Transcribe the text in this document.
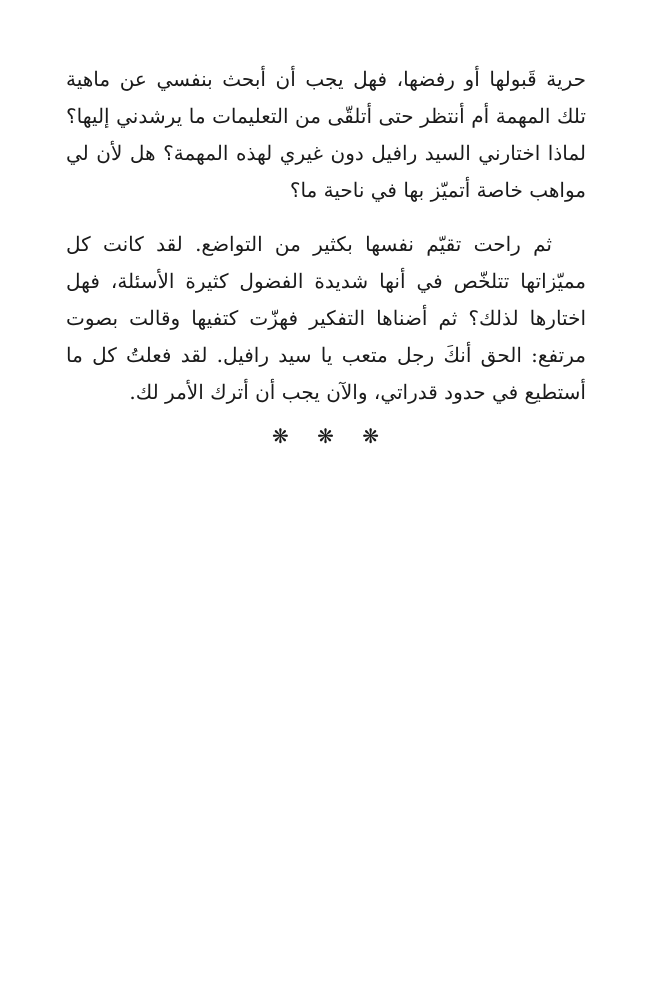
حرية قَبولها أو رفضها، فهل يجب أن أبحث بنفسي عن ماهية
تلك المهمة أم أنتظر حتى أتلقّى من التعليمات ما يرشدني إليها؟
لماذا اختارني السيد رافيل دون غيري لهذه المهمة؟ هل لأن لي
مواهب خاصة أتميّز بها في ناحية ما؟
ثم راحت تقيّم نفسها بكثير من التواضع. لقد كانت كل
مميّزاتها تتلخّص في أنها شديدة الفضول كثيرة الأسئلة، فهل
اختارها لذلك؟ ثم أضناها التفكير فهزّت كتفيها وقالت بصوت
مرتفع: الحق أنكَ رجل متعب يا سيد رافيل. لقد فعلتُ كل ما
أستطيع في حدود قدراتي، والآن يجب أن أترك الأمر لك.
❋ ❋ ❋
